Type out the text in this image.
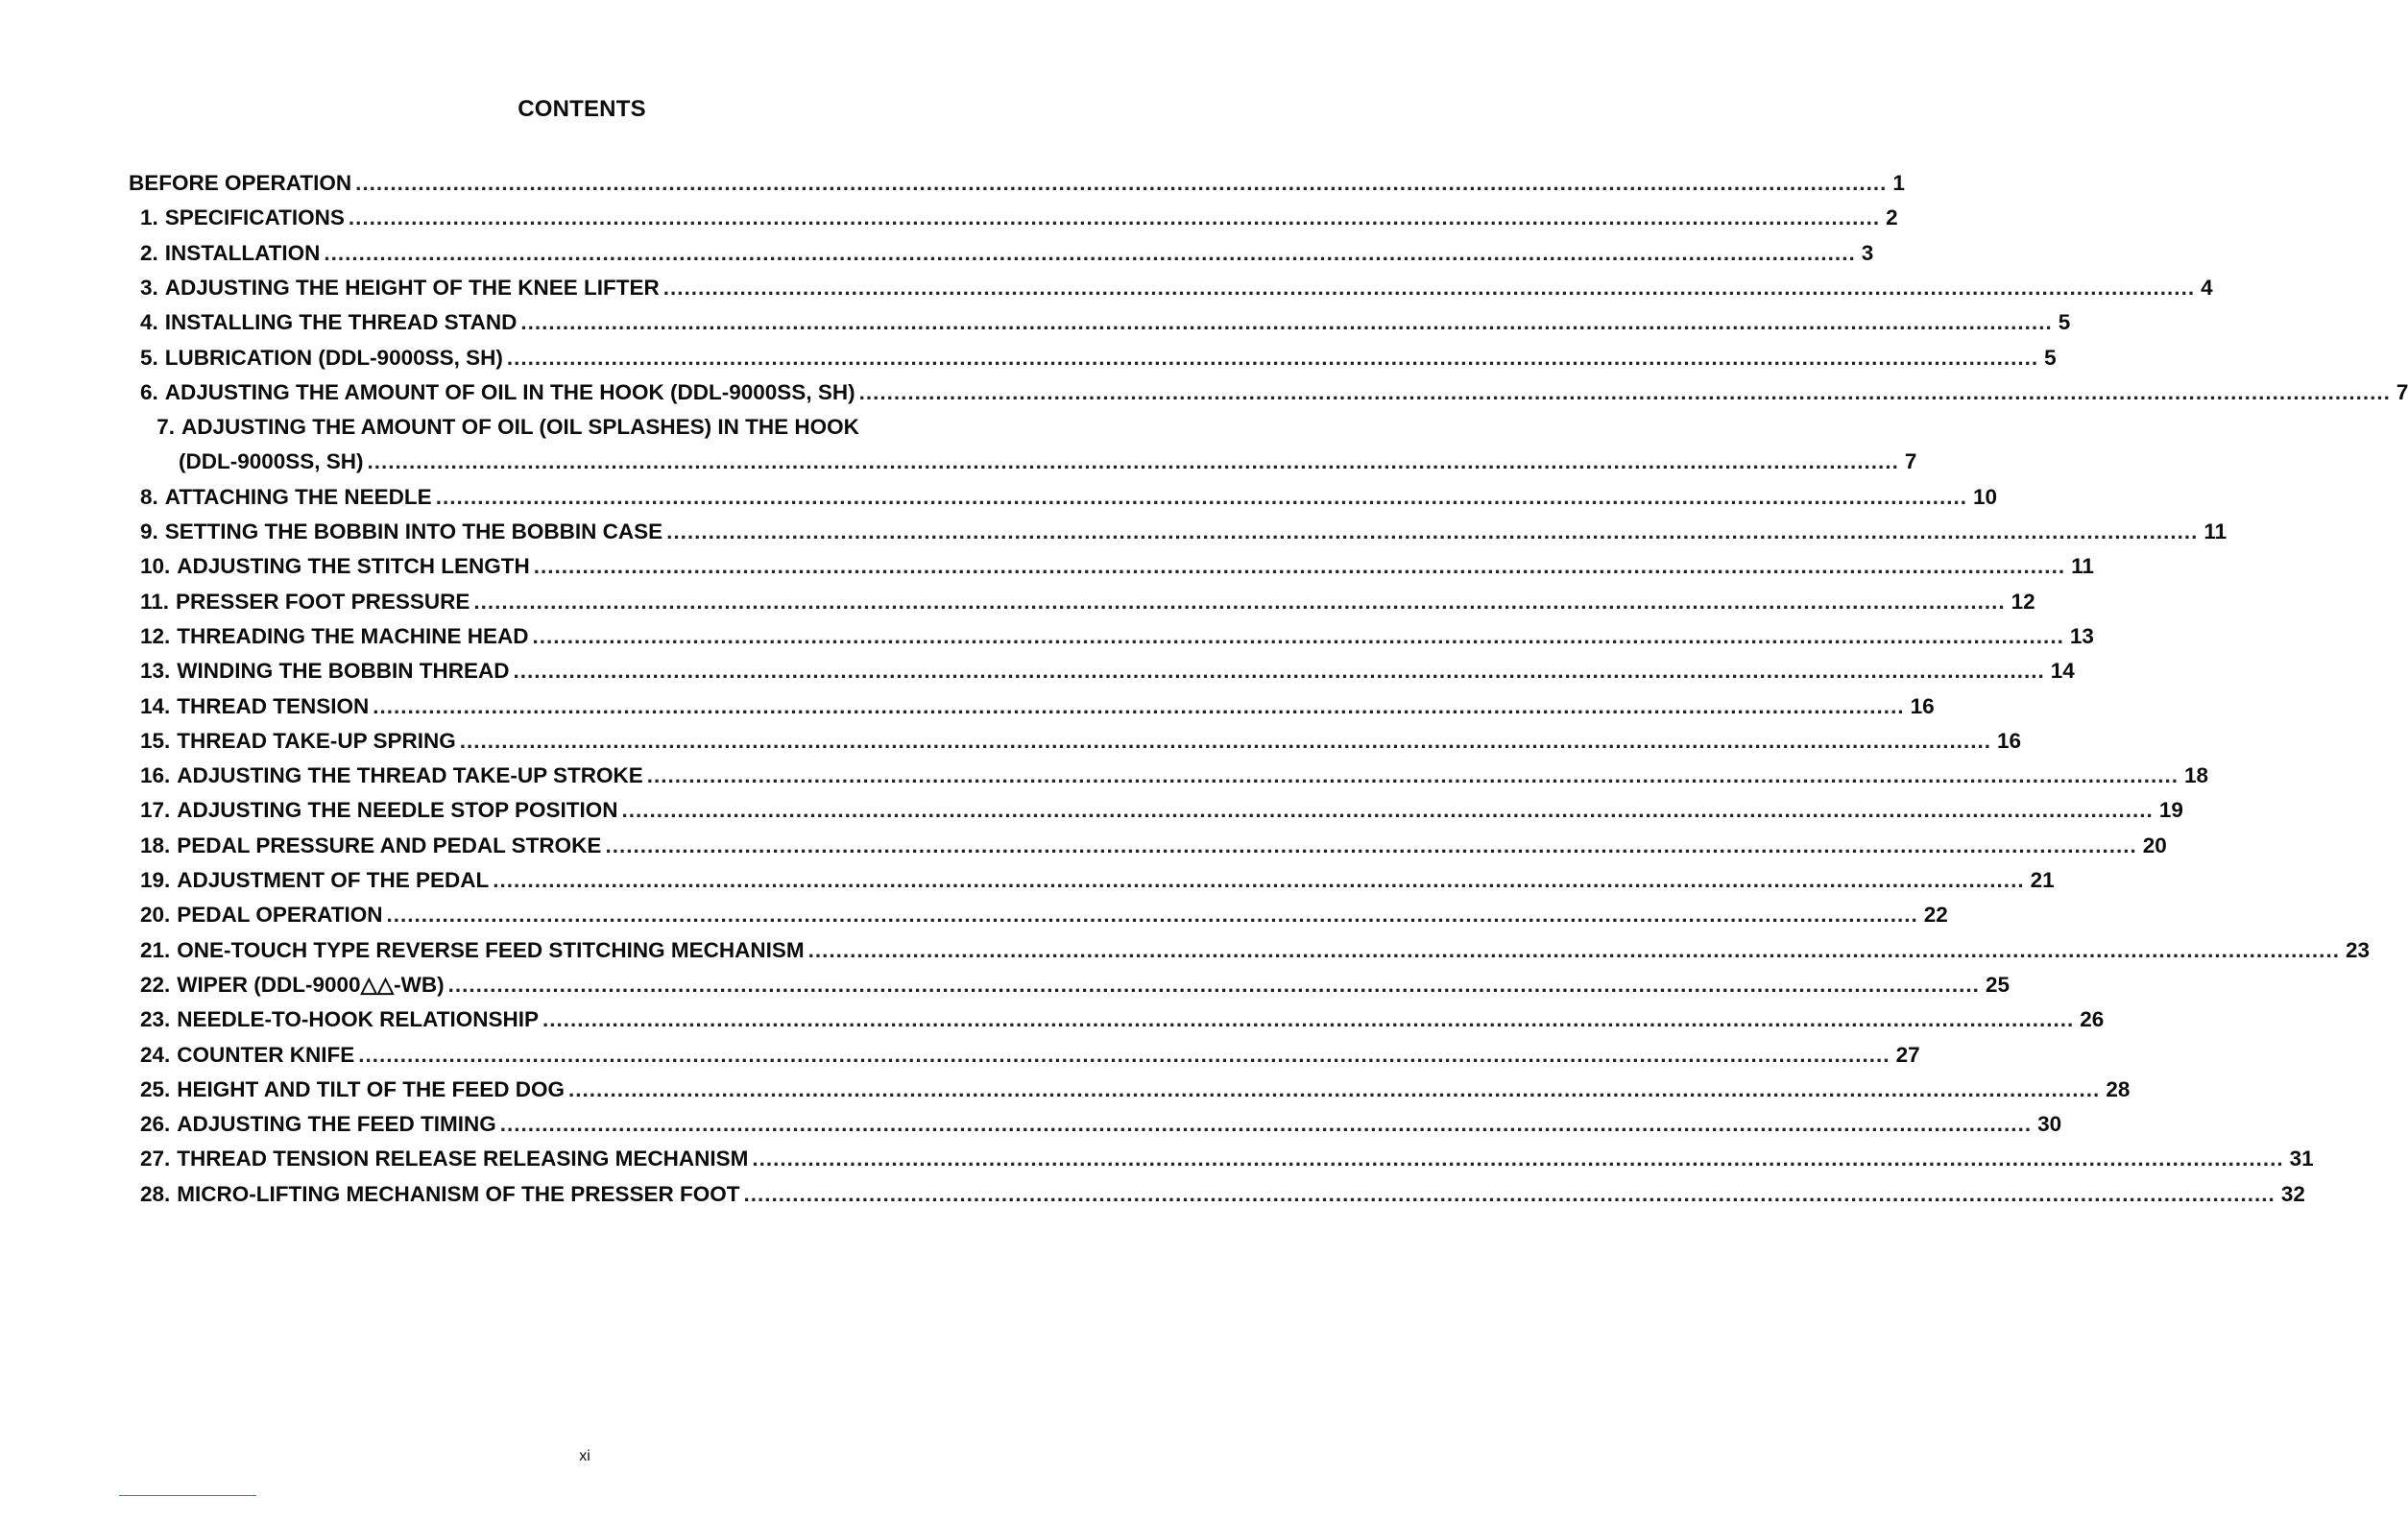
CONTENTS
BEFORE OPERATION ............................................................................................................................................................................................................................ 1
1. SPECIFICATIONS ............................................................................................................................................................................................................................ 2
2. INSTALLATION ............................................................................................................................................................................................................................ 3
3. ADJUSTING THE HEIGHT OF THE KNEE LIFTER ............................................................................................................................................................................................................................ 4
4. INSTALLING THE THREAD STAND ............................................................................................................................................................................................................................ 5
5. LUBRICATION (DDL-9000SS, SH) ............................................................................................................................................................................................................................ 5
6. ADJUSTING THE AMOUNT OF OIL IN THE HOOK (DDL-9000SS, SH) ............................................................................................................................................................................................................................ 7
7. ADJUSTING THE AMOUNT OF OIL (OIL SPLASHES) IN THE HOOK
(DDL-9000SS, SH) ............................................................................................................................................................................................................................ 7
8. ATTACHING THE NEEDLE ............................................................................................................................................................................................................................ 10
9. SETTING THE BOBBIN INTO THE BOBBIN CASE ............................................................................................................................................................................................................................ 11
10. ADJUSTING THE STITCH LENGTH ............................................................................................................................................................................................................................ 11
11. PRESSER FOOT PRESSURE ............................................................................................................................................................................................................................ 12
12. THREADING THE MACHINE HEAD ............................................................................................................................................................................................................................ 13
13. WINDING THE BOBBIN THREAD ............................................................................................................................................................................................................................ 14
14. THREAD TENSION ............................................................................................................................................................................................................................ 16
15. THREAD TAKE-UP SPRING ............................................................................................................................................................................................................................ 16
16. ADJUSTING THE THREAD TAKE-UP STROKE ............................................................................................................................................................................................................................ 18
17. ADJUSTING THE NEEDLE STOP POSITION ............................................................................................................................................................................................................................ 19
18. PEDAL PRESSURE AND PEDAL STROKE ............................................................................................................................................................................................................................ 20
19. ADJUSTMENT OF THE PEDAL ............................................................................................................................................................................................................................ 21
20. PEDAL OPERATION ............................................................................................................................................................................................................................ 22
21. ONE-TOUCH TYPE REVERSE FEED STITCHING MECHANISM ............................................................................................................................................................................................................................ 23
22. WIPER (DDL-9000△△-WB) ............................................................................................................................................................................................................................ 25
23. NEEDLE-TO-HOOK RELATIONSHIP ............................................................................................................................................................................................................................ 26
24. COUNTER KNIFE ............................................................................................................................................................................................................................ 27
25. HEIGHT AND TILT OF THE FEED DOG ............................................................................................................................................................................................................................ 28
26. ADJUSTING THE FEED TIMING ............................................................................................................................................................................................................................ 30
27. THREAD TENSION RELEASE RELEASING MECHANISM ............................................................................................................................................................................................................................ 31
28. MICRO-LIFTING MECHANISM OF THE PRESSER FOOT ............................................................................................................................................................................................................................ 32
xi
